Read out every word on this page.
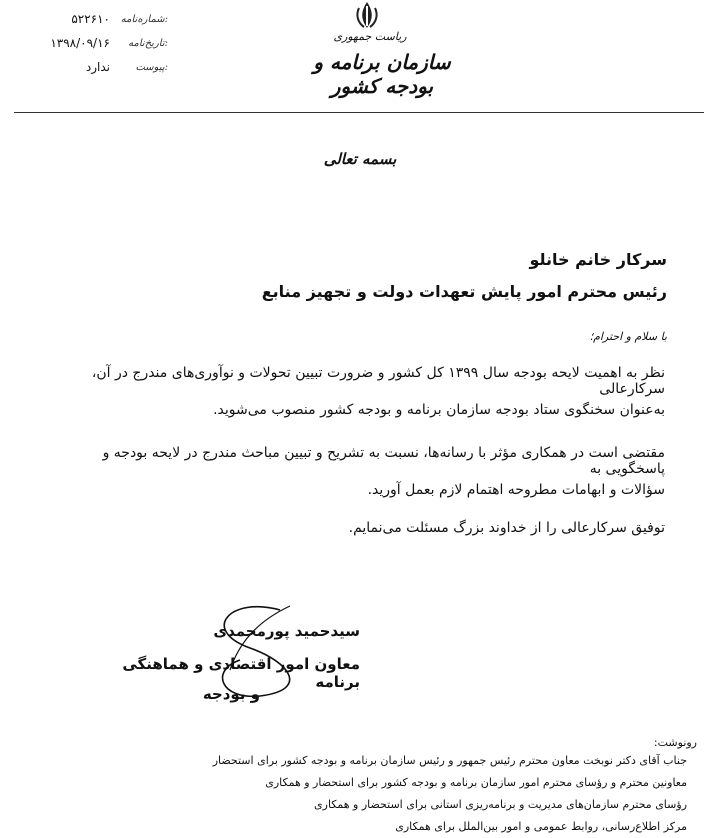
۵۲۲۶۱۰ شماره‌نامه:
۱۳۹۸/۰۹/۱۶ تاریخ‌نامه:
ندارد	پیوست:
ریاست جمهوری
سازمان برنامه و بودجه کشور
بسمه تعالی
سرکار خانم خانلو
رئیس محترم امور پایش تعهدات دولت و تجهیز منابع
با سلام و احترام؛
نظر به اهمیت لایحه بودجه سال ۱۳۹۹ کل کشور و ضرورت تبیین تحولات و نوآوری‌های مندرج در آن، سرکارعالی
به‌عنوان سخنگوی ستاد بودجه سازمان برنامه و بودجه کشور منصوب می‌شوید.
مقتضی است در همکاری مؤثر با رسانه‌ها، نسبت به تشریح و تبیین مباحث مندرج در لایحه بودجه و پاسخگویی به
سؤالات و ابهامات مطروحه اهتمام لازم بعمل آورید.
توفیق سرکارعالی را از خداوند بزرگ مسئلت می‌نمایم.
سیدحمید پورمحمدی
معاون امور اقتصادی و هماهنگی برنامه
و بودجه
رونوشت:
جناب آقای دکتر نوبخت معاون محترم رئیس جمهور و رئیس سازمان برنامه و بودجه کشور برای استحضار
معاونین محترم و رؤسای محترم امور سازمان برنامه و بودجه کشور برای استحضار و همکاری
رؤسای محترم سازمان‌های مدیریت و برنامه‌ریزی استانی برای استحضار و همکاری
مرکز اطلاع‌رسانی، روابط عمومی و امور بین‌الملل برای همکاری
